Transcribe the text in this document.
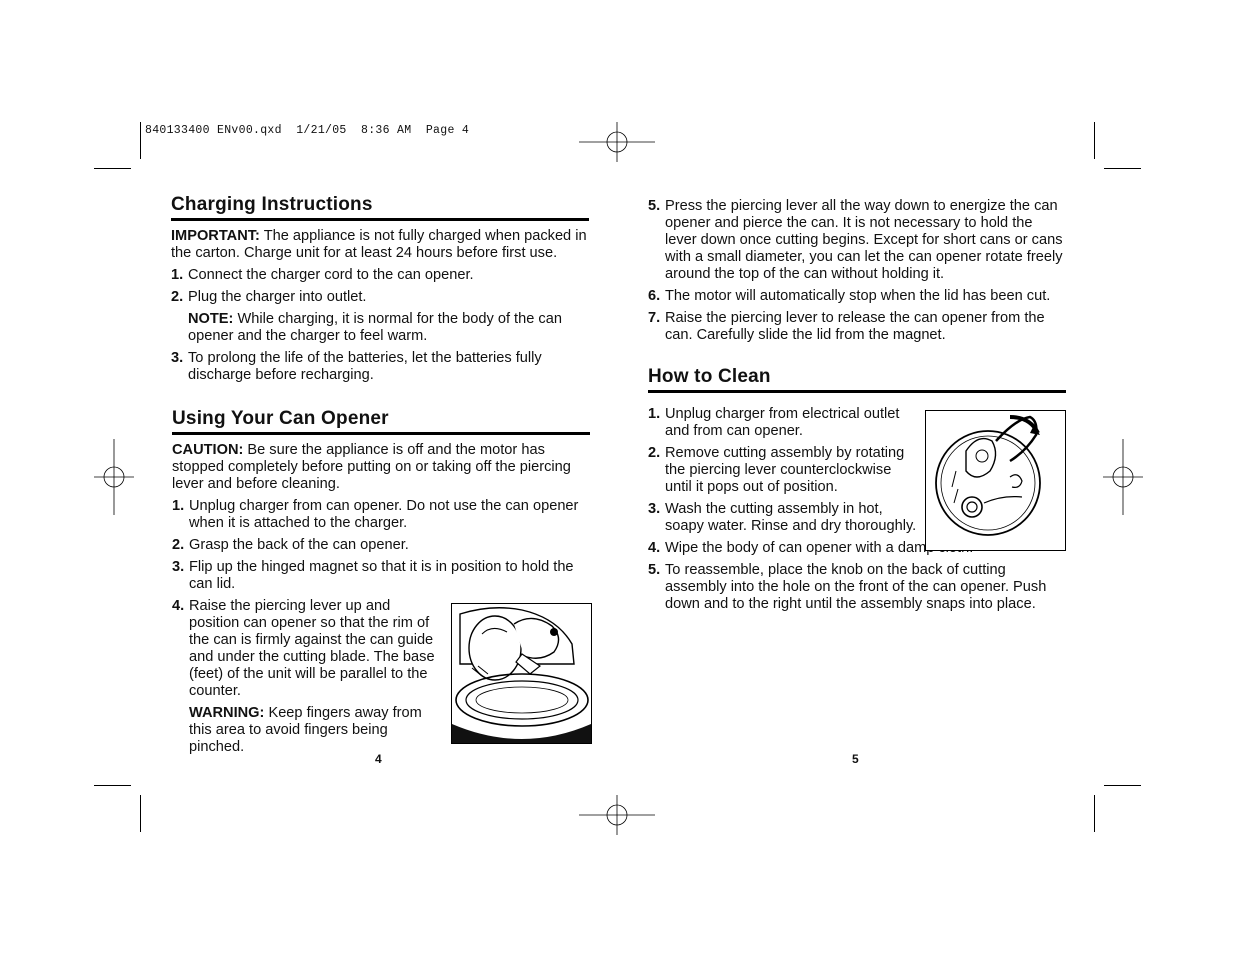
840133400 ENv00.qxd  1/21/05  8:36 AM  Page 4
Charging Instructions

IMPORTANT: The appliance is not fully charged when packed in the carton. Charge unit for at least 24 hours before first use.

1. Connect the charger cord to the can opener.
2. Plug the charger into outlet.

NOTE: While charging, it is normal for the body of the can opener and the charger to feel warm.

3. To prolong the life of the batteries, let the batteries fully discharge before recharging.
Using Your Can Opener

CAUTION: Be sure the appliance is off and the motor has stopped completely before putting on or taking off the piercing lever and before cleaning.

1. Unplug charger from can opener. Do not use the can opener when it is attached to the charger.
2. Grasp the back of the can opener.
3. Flip up the hinged magnet so that it is in position to hold the can lid.
4. Raise the piercing lever up and position can opener so that the rim of the can is firmly against the can guide and under the cutting blade. The base (feet) of the unit will be parallel to the counter.

WARNING: Keep fingers away from this area to avoid fingers being pinched.

4
5. Press the piercing lever all the way down to energize the can opener and pierce the can. It is not necessary to hold the lever down once cutting begins. Except for short cans or cans with a small diameter, you can let the can opener rotate freely around the top of the can without holding it.
6. The motor will automatically stop when the lid has been cut.
7. Raise the piercing lever to release the can opener from the can. Carefully slide the lid from the magnet.
How to Clean
1. Unplug charger from electrical outlet and from can opener.
2. Remove cutting assembly by rotating the piercing lever counterclockwise until it pops out of position.
3. Wash the cutting assembly in hot, soapy water. Rinse and dry thoroughly.
4. Wipe the body of can opener with a damp cloth.
5. To reassemble, place the knob on the back of cutting assembly into the hole on the front of the can opener. Push down and to the right until the assembly snaps into place.
5
